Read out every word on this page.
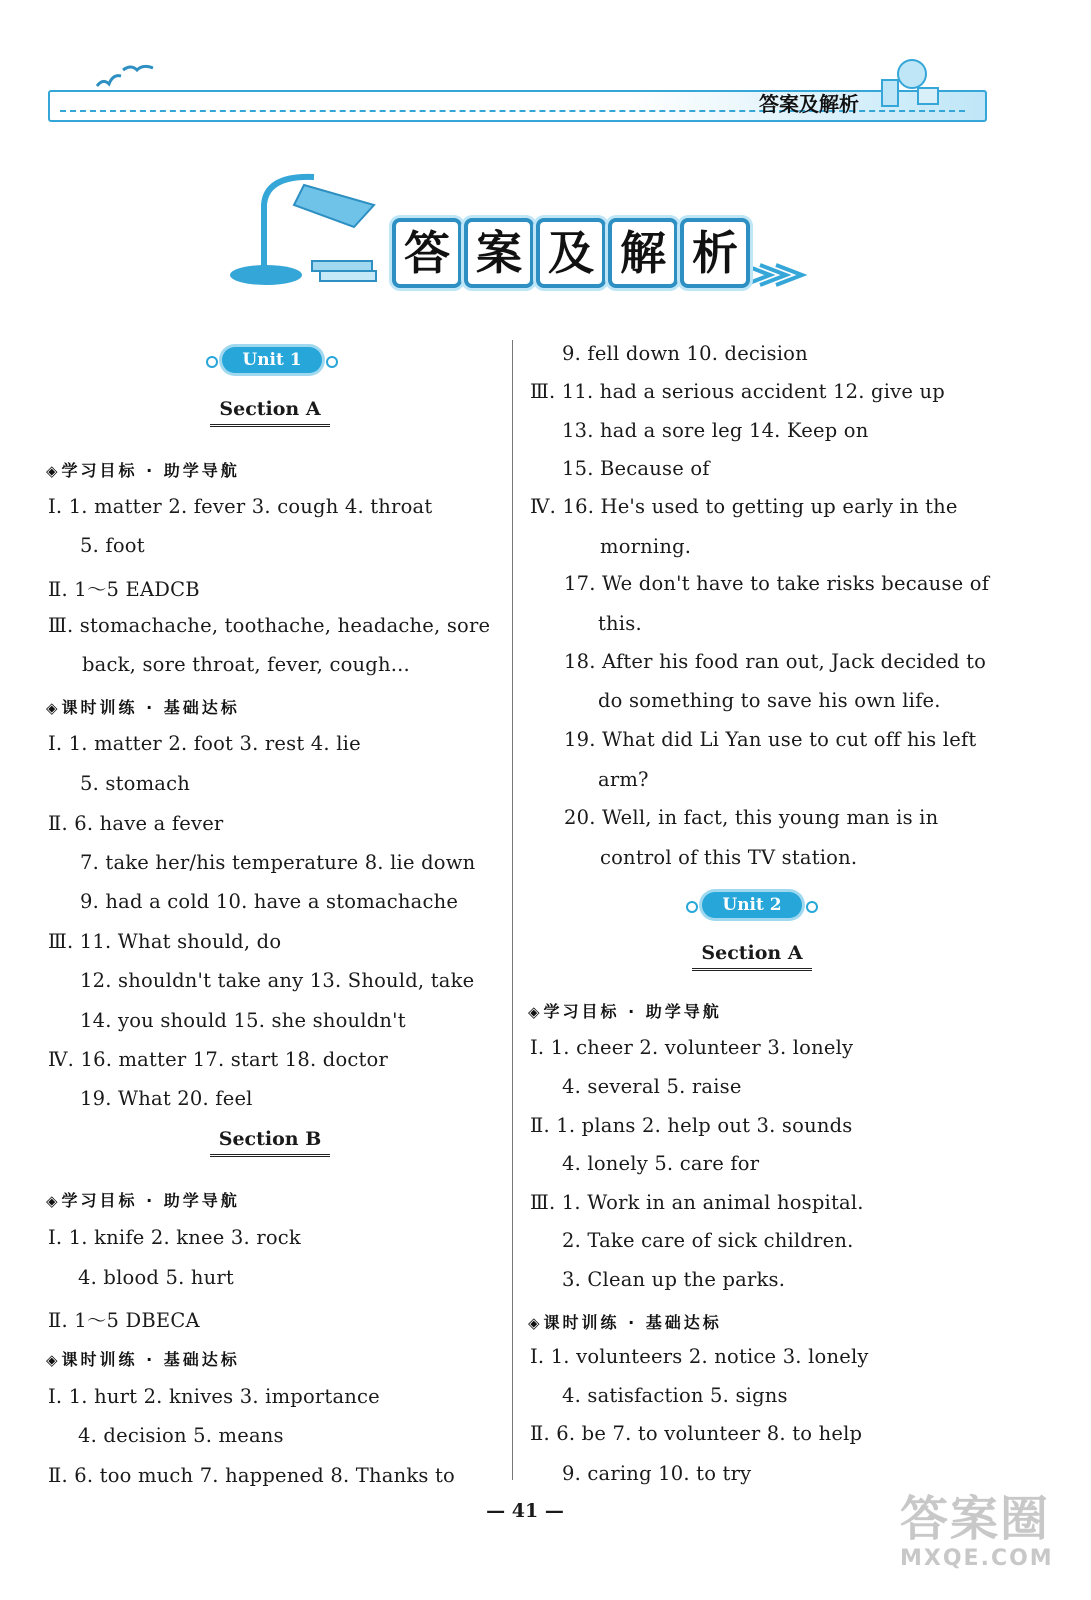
答案及解析
答 案 及 解 析
Unit 1
Section A
◈ 学习目标 · 助学导航
Ⅰ. 1. matter 2. fever 3. cough 4. throat
5. foot
Ⅱ. 1～5 EADCB
Ⅲ. stomachache, toothache, headache, sore
back, sore throat, fever, cough...
◈ 课时训练 · 基础达标
Ⅰ. 1. matter 2. foot 3. rest 4. lie
5. stomach
Ⅱ. 6. have a fever
7. take her/his temperature 8. lie down
9. had a cold 10. have a stomachache
Ⅲ. 11. What should, do
12. shouldn't take any 13. Should, take
14. you should 15. she shouldn't
Ⅳ. 16. matter 17. start 18. doctor
19. What 20. feel
Section B
◈ 学习目标 · 助学导航
Ⅰ. 1. knife 2. knee 3. rock
4. blood 5. hurt
Ⅱ. 1～5 DBECA
◈ 课时训练 · 基础达标
Ⅰ. 1. hurt 2. knives 3. importance
4. decision 5. means
Ⅱ. 6. too much 7. happened 8. Thanks to
9. fell down 10. decision
Ⅲ. 11. had a serious accident 12. give up
13. had a sore leg 14. Keep on
15. Because of
Ⅳ. 16. He's used to getting up early in the
morning.
17. We don't have to take risks because of
this.
18. After his food ran out, Jack decided to
do something to save his own life.
19. What did Li Yan use to cut off his left
arm?
20. Well, in fact, this young man is in
control of this TV station.
Unit 2
Section A
◈ 学习目标 · 助学导航
Ⅰ. 1. cheer 2. volunteer 3. lonely
4. several 5. raise
Ⅱ. 1. plans 2. help out 3. sounds
4. lonely 5. care for
Ⅲ. 1. Work in an animal hospital.
2. Take care of sick children.
3. Clean up the parks.
◈ 课时训练 · 基础达标
Ⅰ. 1. volunteers 2. notice 3. lonely
4. satisfaction 5. signs
Ⅱ. 6. be 7. to volunteer 8. to help
9. caring 10. to try
— 41 —	答案圈
MXQE.COM
